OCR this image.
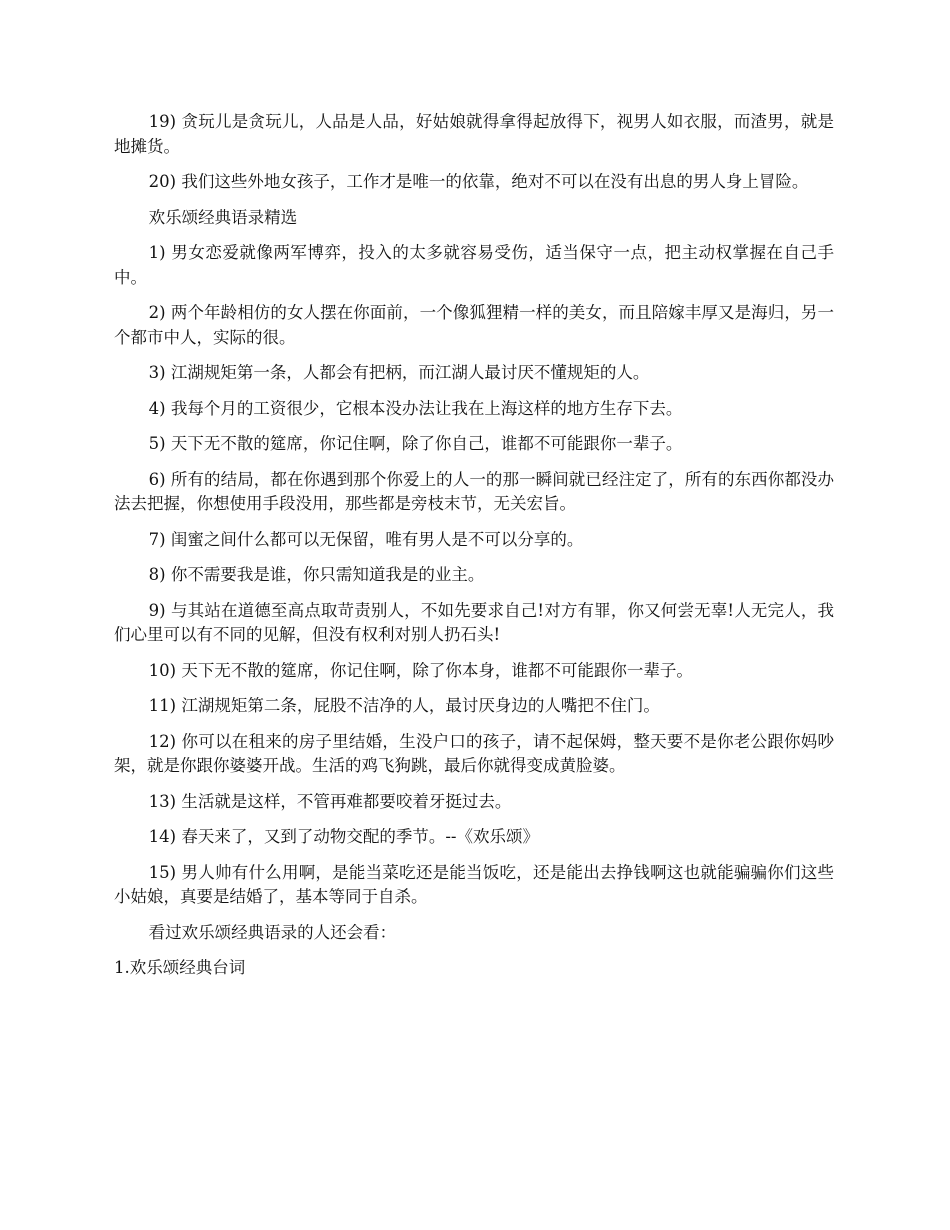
19) 贪玩儿是贪玩儿，人品是人品，好姑娘就得拿得起放得下，视男人如衣服，而渣男，就是地摊货。

20) 我们这些外地女孩子，工作才是唯一的依靠，绝对不可以在没有出息的男人身上冒险。

欢乐颂经典语录精选

1) 男女恋爱就像两军博弈，投入的太多就容易受伤，适当保守一点，把主动权掌握在自己手中。

2) 两个年龄相仿的女人摆在你面前，一个像狐狸精一样的美女，而且陪嫁丰厚又是海归，另一个都市中人，实际的很。

3) 江湖规矩第一条，人都会有把柄，而江湖人最讨厌不懂规矩的人。

4) 我每个月的工资很少，它根本没办法让我在上海这样的地方生存下去。

5) 天下无不散的筵席，你记住啊，除了你自己，谁都不可能跟你一辈子。

6) 所有的结局，都在你遇到那个你爱上的人一的那一瞬间就已经注定了，所有的东西你都没办法去把握，你想使用手段没用，那些都是旁枝末节，无关宏旨。

7) 闺蜜之间什么都可以无保留，唯有男人是不可以分享的。

8) 你不需要我是谁，你只需知道我是的业主。

9) 与其站在道德至高点取苛责别人，不如先要求自己!对方有罪，你又何尝无辜!人无完人，我们心里可以有不同的见解，但没有权利对别人扔石头!

10) 天下无不散的筵席，你记住啊，除了你本身，谁都不可能跟你一辈子。

11) 江湖规矩第二条，屁股不洁净的人，最讨厌身边的人嘴把不住门。

12) 你可以在租来的房子里结婚，生没户口的孩子，请不起保姆，整天要不是你老公跟你妈吵架，就是你跟你婆婆开战。生活的鸡飞狗跳，最后你就得变成黄脸婆。

13) 生活就是这样，不管再难都要咬着牙挺过去。

14) 春天来了，又到了动物交配的季节。--《欢乐颂》

15) 男人帅有什么用啊，是能当菜吃还是能当饭吃，还是能出去挣钱啊这也就能骗骗你们这些小姑娘，真要是结婚了，基本等同于自杀。

看过欢乐颂经典语录的人还会看：

1.欢乐颂经典台词
